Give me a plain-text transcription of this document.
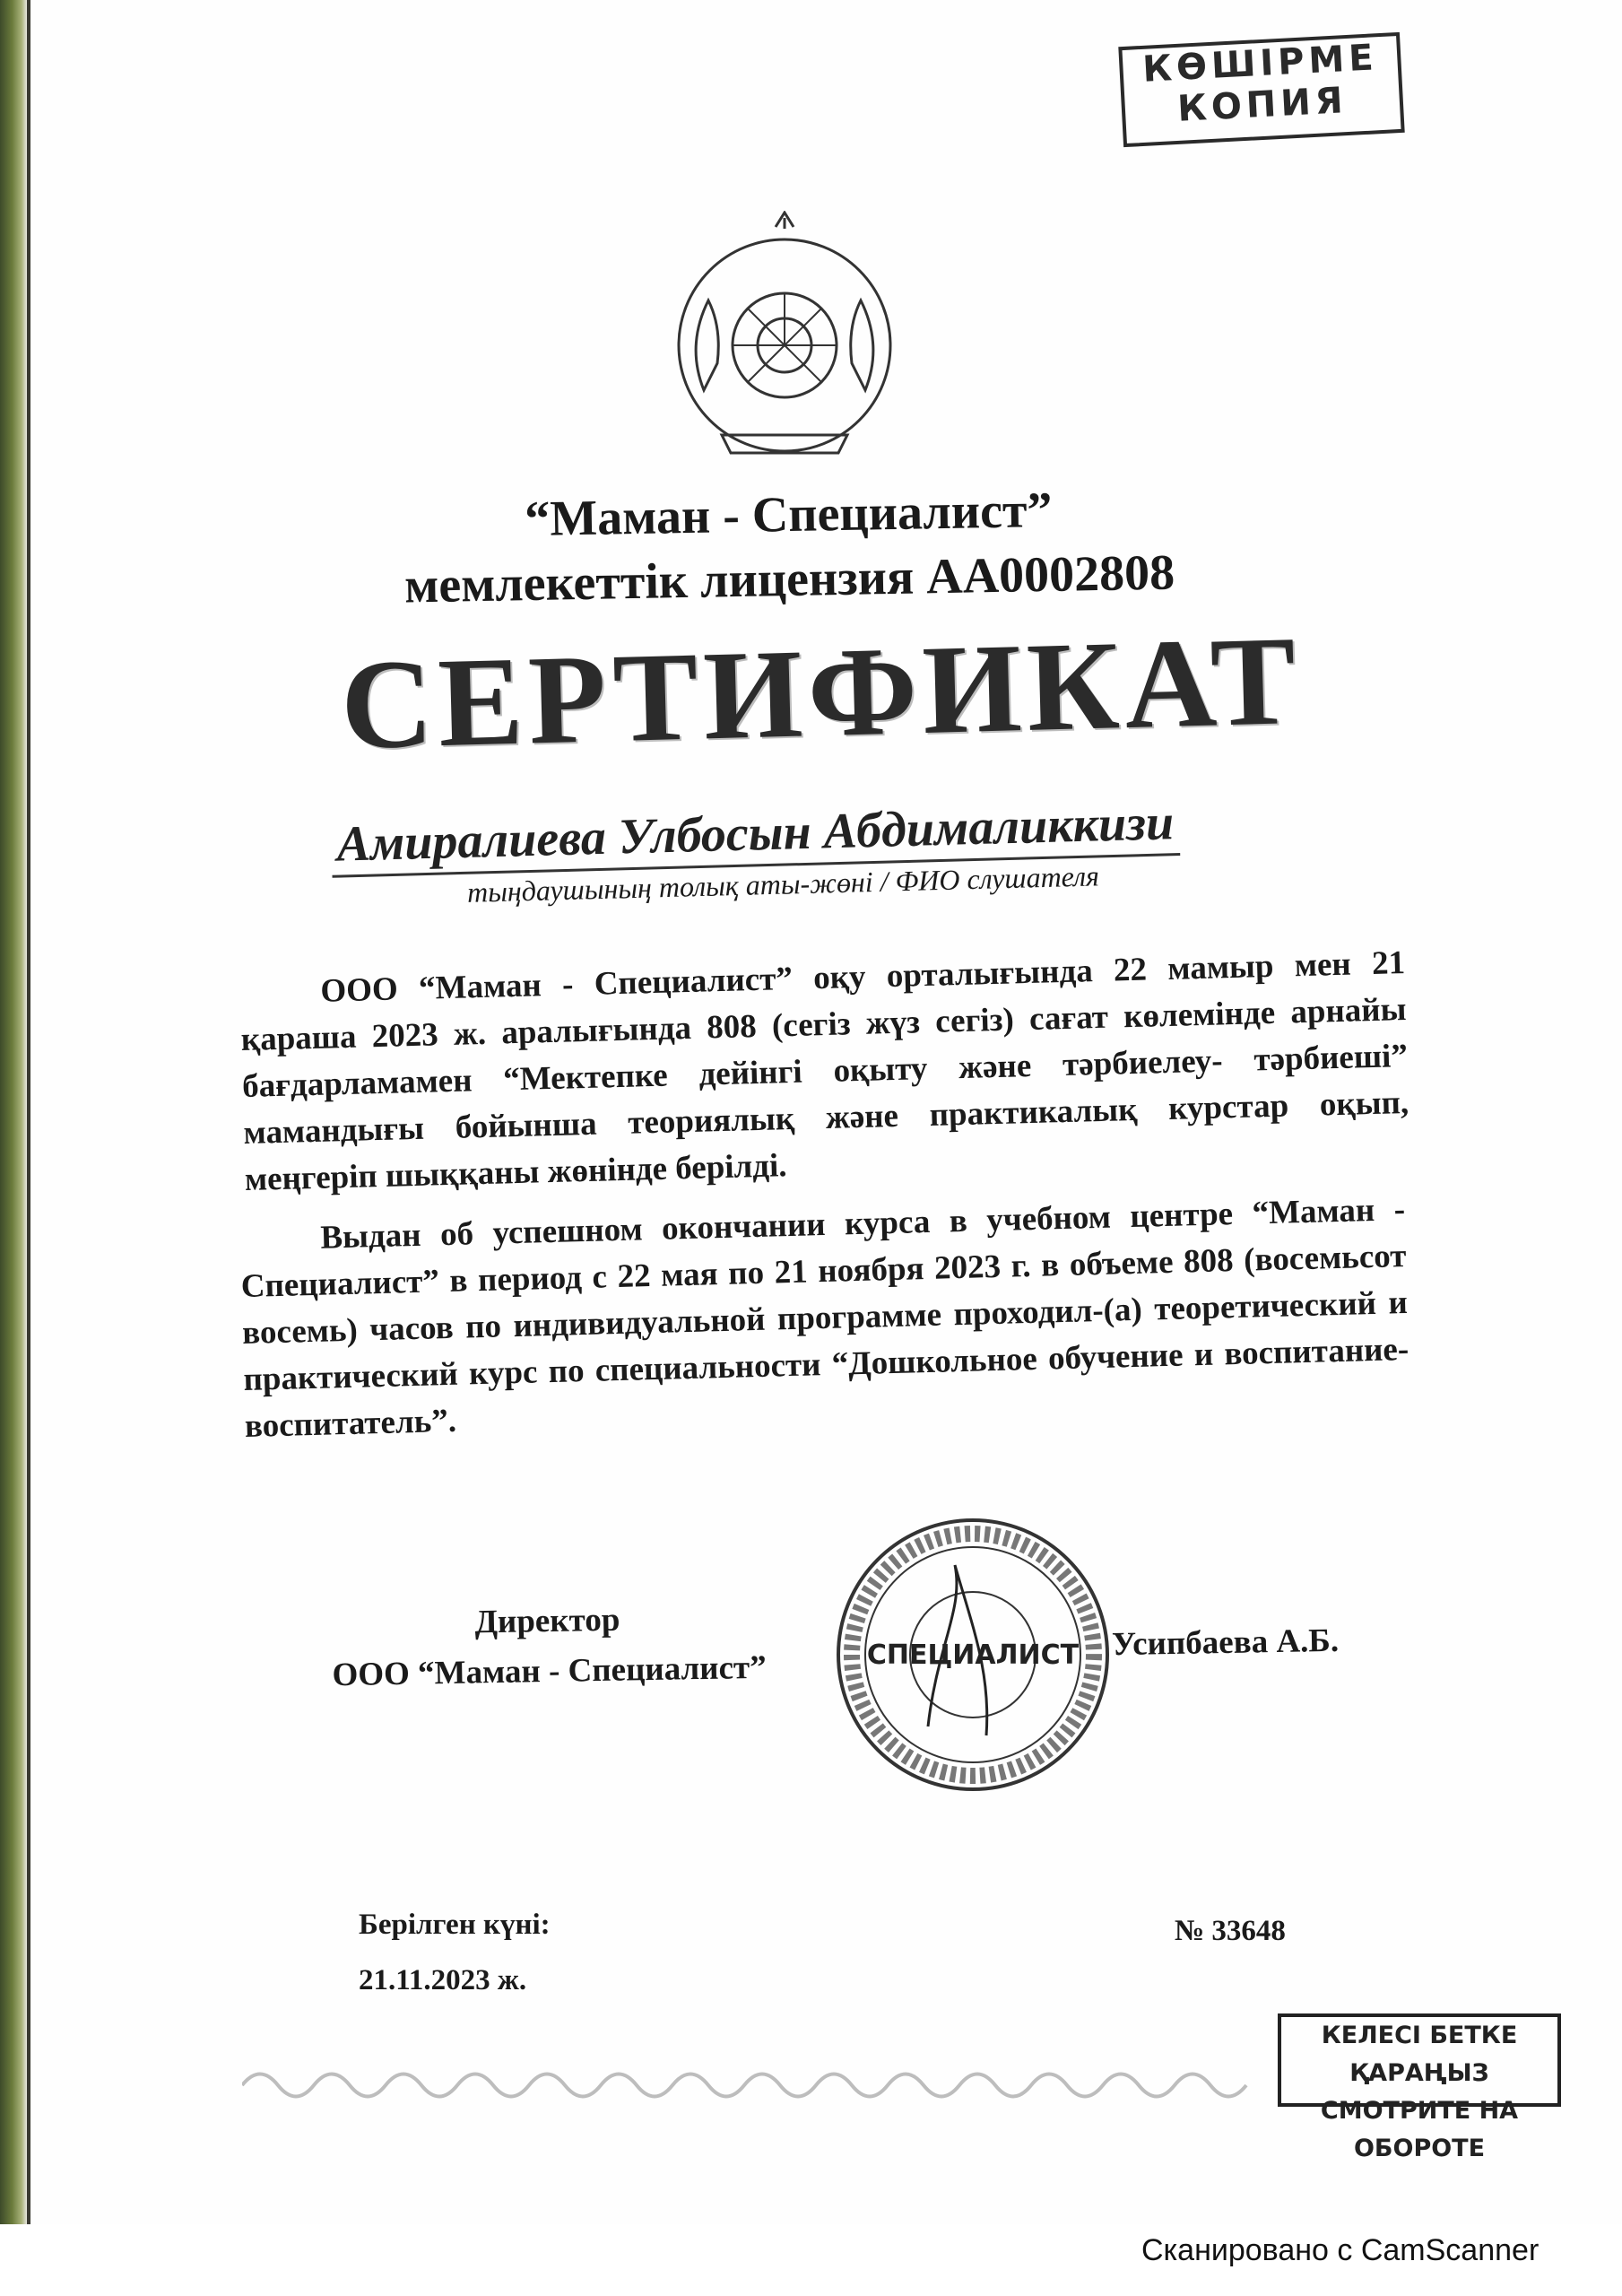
КӨШІРМЕ
КОПИЯ
“Маман - Специалист”
мемлекеттік лицензия АА0002808
СЕРТИФИКАТ
Амиралиева Улбосын Абдималиккизи
тыңдаушының толық аты-жөні / ФИО слушателя
ООО “Маман - Специалист” оқу орталығында 22 мамыр мен 21 қараша 2023 ж. аралығында 808 (сегіз жүз сегіз) сағат көлемінде арнайы бағдарламамен “Мектепке дейінгі оқыту және тәрбиелеу- тәрбиеші” мамандығы бойынша теориялық және практикалық курстар оқып, меңгеріп шыққаны жөнінде берілді.
Выдан об успешном окончании курса в учебном центре “Маман - Специалист” в период с 22 мая по 21 ноября 2023 г. в объеме 808 (восемьсот восемь) часов по индивидуальной программе проходил-(а) теоретический и практический курс по специальности “Дошкольное обучение и воспитание-воспитатель”.
Директор
ООО “Маман - Специалист”	СПЕЦИАЛИСТ Усипбаева А.Б.
Берілген күні:
21.11.2023 ж.
№ 33648
КЕЛЕСІ БЕТКЕ ҚАРАҢЫЗ
СМОТРИТЕ НА ОБОРОТЕ
Сканировано с CamScanner
